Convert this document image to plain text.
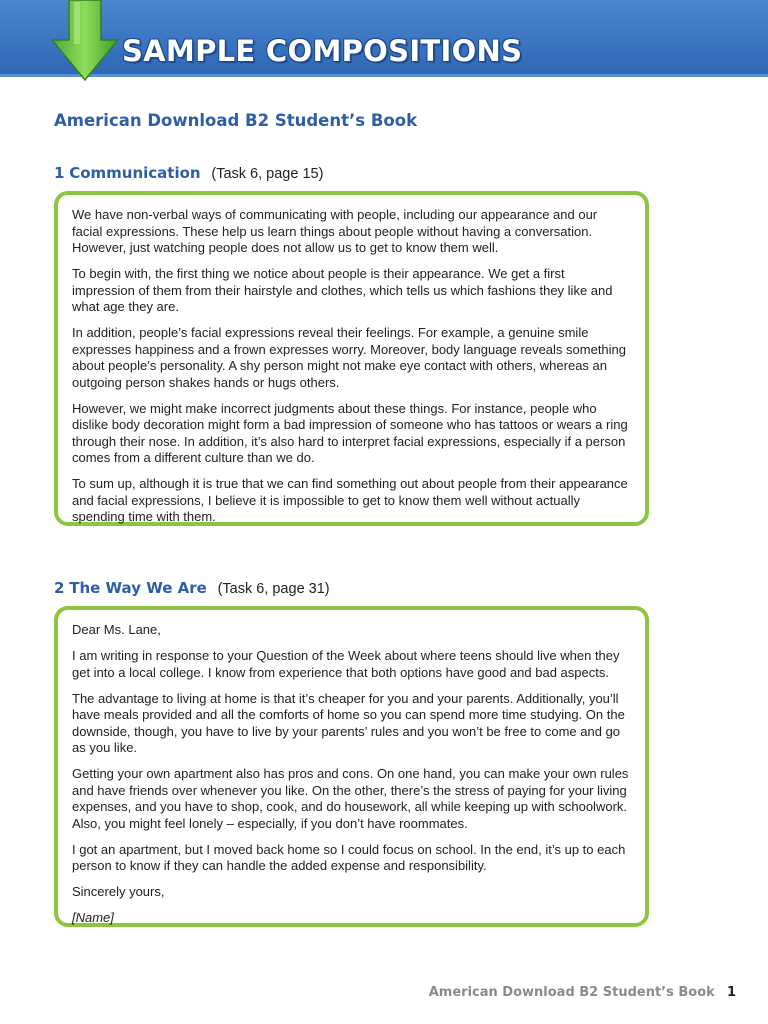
SAMPLE COMPOSITIONS
American Download B2 Student’s Book
1 Communication (Task 6, page 15)

We have non-verbal ways of communicating with people, including our appearance and our facial expressions. These help us learn things about people without having a conversation. However, just watching people does not allow us to get to know them well.

To begin with, the first thing we notice about people is their appearance. We get a first impression of them from their hairstyle and clothes, which tells us which fashions they like and what age they are.

In addition, people’s facial expressions reveal their feelings. For example, a genuine smile expresses happiness and a frown expresses worry. Moreover, body language reveals something about people’s personality. A shy person might not make eye contact with others, whereas an outgoing person shakes hands or hugs others.

However, we might make incorrect judgments about these things. For instance, people who dislike body decoration might form a bad impression of someone who has tattoos or wears a ring through their nose. In addition, it’s also hard to interpret facial expressions, especially if a person comes from a different culture than we do.

To sum up, although it is true that we can find something out about people from their appearance and facial expressions, I believe it is impossible to get to know them well without actually spending time with them.

2 The Way We Are (Task 6, page 31)

Dear Ms. Lane,

I am writing in response to your Question of the Week about where teens should live when they get into a local college. I know from experience that both options have good and bad aspects.

The advantage to living at home is that it’s cheaper for you and your parents. Additionally, you’ll have meals provided and all the comforts of home so you can spend more time studying. On the downside, though, you have to live by your parents’ rules and you won’t be free to come and go as you like.

Getting your own apartment also has pros and cons. On one hand, you can make your own rules and have friends over whenever you like. On the other, there’s the stress of paying for your living expenses, and you have to shop, cook, and do housework, all while keeping up with schoolwork. Also, you might feel lonely – especially, if you don’t have roommates.

I got an apartment, but I moved back home so I could focus on school. In the end, it’s up to each person to know if they can handle the added expense and responsibility.

Sincerely yours,

[Name]

American Download B2 Student’s Book 1
